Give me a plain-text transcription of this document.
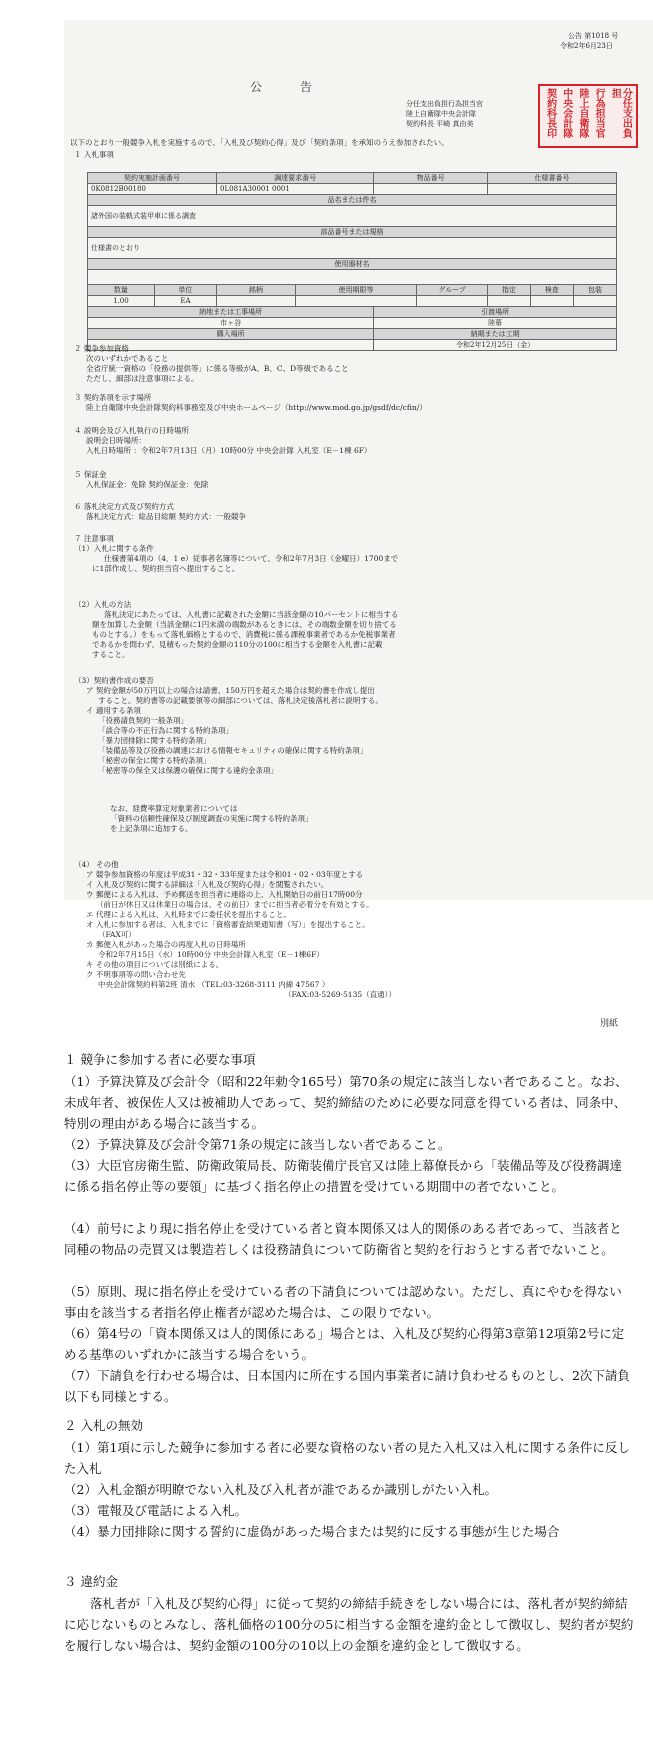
公告 第1018 号
令和2年6月23日
公告
分任支出負担行為担当官
陸上自衛隊中央会計隊
契約科長 平崎 真由美	分任支出負担
行為担当官
陸上自衛隊
中央会計隊
契約科長印
以下のとおり一般競争入札を実施するので、「入札及び契約心得」及び「契約条項」を承知のうえ参加されたい。
１ 入札事項
契約実施計画番号		調達要求番号		物品番号		仕様書番号		
0K0812B00180		0L081A30001 0001						
品名または件名								
諸外国の装軌式装甲車に係る調査								
部品番号または規格								
仕様書のとおり								
使用器材名								

数量	単位	銘柄	使用期限等		グループ	指定	検査	包装
1.00	EA							
納地または工事場所				引渡場所				
市ヶ谷				陸幕				
購入場所				納期または工期				
				令和2年12月25日（金）				
２ 競争参加資格
次のいずれかであること
全省庁統一資格の「役務の提供等」に係る等級がA、B、C、D等級であること
ただし、細部は注意事項による。
３ 契約条項を示す場所
陸上自衛隊中央会計隊契約科事務室及び中央ホームページ（http://www.mod.go.jp/gsdf/dc/cfin/）
４ 説明会及び入札執行の日時場所
説明会日時場所：
入札日時場所 ：令和2年7月13日（月）10時00分 中央会計隊 入札室（E－1棟 6F）
５ 保証金
入札保証金：免除 契約保証金：免除
６ 落札決定方式及び契約方式
落札決定方式：総品目総額 契約方式：一般競争
７ 注意事項
（1）入札に関する条件
仕様書第4項の（4．1 e）従事者名簿等について、令和2年7月3日（金曜日）1700まで
に1部作成し、契約担当官へ提出すること。
（2）入札の方法
落札決定にあたっては、入札書に記載された金額に当該金額の10パーセントに相当する
額を加算した金額（当該金額に1円未満の端数があるときには、その端数金額を切り捨てる
ものとする。）をもって落札価格とするので、消費税に係る課税事業者であるか免税事業者
であるかを問わず、見積もった契約金額の110分の100に相当する金額を入札書に記載
すること。
（3）契約書作成の要否
ア 契約金額が50万円以上の場合は請書、150万円を超えた場合は契約書を作成し提出
すること。契約書等の記載要領等の細部については、落札決定後落札者に説明する。
イ 適用する条項
「役務請負契約一般条項」
「談合等の不正行為に関する特約条項」
「暴力団排除に関する特約条項」
「装備品等及び役務の調達における情報セキュリティの確保に関する特約条項」
「秘密の保全に関する特約条項」
「秘密等の保全又は保護の確保に関する違約金条項」
なお、経費率算定対象業者については
「資料の信頼性確保及び制度調査の実施に関する特約条項」
を上記条項に追加する。
（4） その他
ア 競争参加資格の年度は平成31・32・33年度または令和01・02・03年度とする
イ 入札及び契約に関する詳細は「入札及び契約心得」を閲覧されたい。
ウ 郵便による入札は、予め郵送を担当者に連絡の上、入札開始日の前日17時00分
（前日が休日又は休業日の場合は、その前日）までに担当者必着分を有効とする。
エ 代理による入札は、入札時までに委任状を提出すること。
オ 入札に参加する者は、入札までに「資格審査結果通知書（写）」を提出すること。
（FAX可）
カ 郵便入札があった場合の再度入札の日時場所
令和2年7月15日（水）10時00分 中央会計隊入札室（E－1棟6F）
キ その他の項目については別紙による。
ク 不明事項等の問い合わせ先
中央会計隊契約科第2班 清水 （TEL:03-3268-3111 内線 47567 ）
（FAX:03-5269-5135（直通））
別紙
１ 競争に参加する者に必要な事項
（1）予算決算及び会計令（昭和22年勅令165号）第70条の規定に該当しない者であること。なお、未成年者、被保佐人又は被補助人であって、契約締結のために必要な同意を得ている者は、同条中、特別の理由がある場合に該当する。
（2）予算決算及び会計令第71条の規定に該当しない者であること。
（3）大臣官房衛生監、防衛政策局長、防衛装備庁長官又は陸上幕僚長から「装備品等及び役務調達に係る指名停止等の要領」に基づく指名停止の措置を受けている期間中の者でないこと。
（4）前号により現に指名停止を受けている者と資本関係又は人的関係のある者であって、当該者と同種の物品の売買又は製造若しくは役務請負について防衛省と契約を行おうとする者でないこと。
（5）原則、現に指名停止を受けている者の下請負については認めない。ただし、真にやむを得ない事由を該当する者指名停止権者が認めた場合は、この限りでない。
（6）第4号の「資本関係又は人的関係にある」場合とは、入札及び契約心得第3章第12項第2号に定める基準のいずれかに該当する場合をいう。
（7）下請負を行わせる場合は、日本国内に所在する国内事業者に請け負わせるものとし、2次下請負以下も同様とする。
２ 入札の無効
（1）第1項に示した競争に参加する者に必要な資格のない者の見た入札又は入札に関する条件に反した入札
（2）入札金額が明瞭でない入札及び入札者が誰であるか識別しがたい入札。
（3）電報及び電話による入札。
（4）暴力団排除に関する誓約に虚偽があった場合または契約に反する事態が生じた場合
３ 違約金
落札者が「入札及び契約心得」に従って契約の締結手続きをしない場合には、落札者が契約締結に応じないものとみなし、落札価格の100分の5に相当する金額を違約金として徴収し、契約者が契約を履行しない場合は、契約金額の100分の10以上の金額を違約金として徴収する。
